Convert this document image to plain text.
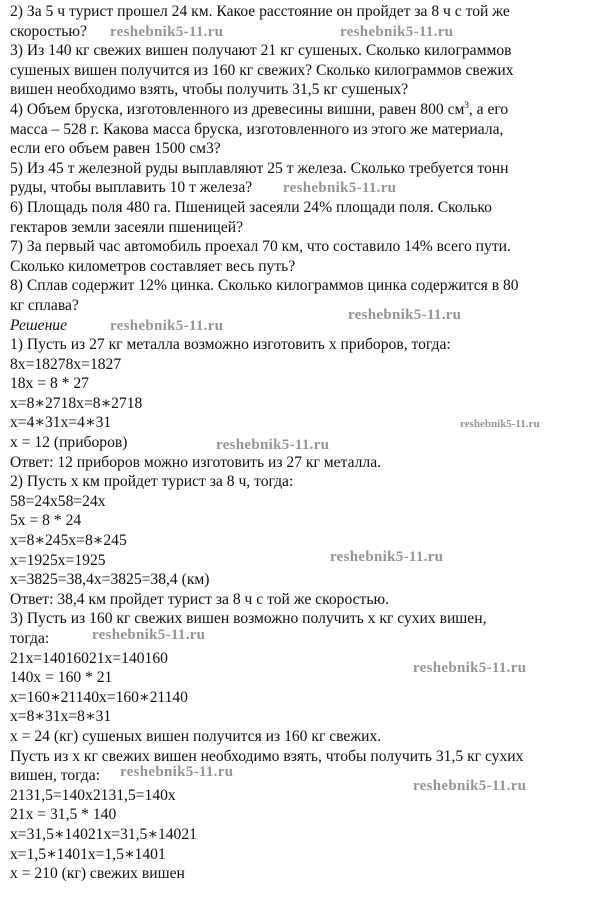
2) За 5 ч турист прошел 24 км. Какое расстояние он пройдет за 8 ч с той же
скоростью?
3) Из 140 кг свежих вишен получают 21 кг сушеных. Сколько килограммов
сушеных вишен получится из 160 кг свежих? Сколько килограммов свежих
вишен необходимо взять, чтобы получить 31,5 кг сушеных?
4) Объем бруска, изготовленного из древесины вишни, равен 800 $см^3$, а его
масса – 528 г. Какова масса бруска, изготовленного из этого же материала,
если его объем равен 1500 см3?
5) Из 45 т железной руды выплавляют 25 т железа. Сколько требуется тонн
руды, чтобы выплавить 10 т железа?
6) Площадь поля 480 га. Пшеницей засеяли 24% площади поля. Сколько
гектаров земли засеяли пшеницей?
7) За первый час автомобиль проехал 70 км, что составило 14% всего пути.
Сколько километров составляет весь путь?
8) Сплав содержит 12% цинка. Сколько килограммов цинка содержится в 80
кг сплава?
Решение
1) Пусть из 27 кг металла возможно изготовить х приборов, тогда:
8x=18278x=1827
18x = 8 * 27
x=8∗2718x=8∗2718
x=4∗31x=4∗31
x = 12 (приборов)
Ответ: 12 приборов можно изготовить из 27 кг металла.
2) Пусть х км пройдет турист за 8 ч, тогда:
58=24x58=24x
5x = 8 * 24
x=8∗245x=8∗245
x=1925x=1925
x=3825=38,4x=3825=38,4 (км)
Ответ: 38,4 км пройдет турист за 8 ч с той же скоростью.
3) Пусть из 160 кг свежих вишен возможно получить х кг сухих вишен,
тогда:
21x=14016021x=140160
140x = 160 * 21
x=160∗21140x=160∗21140
x=8∗31x=8∗31
x = 24 (кг) сушеных вишен получится из 160 кг свежих.
Пусть из х кг свежих вишен необходимо взять, чтобы получить 31,5 кг сухих
вишен, тогда:
2131,5=140x2131,5=140x
21x = 31,5 * 140
x=31,5∗14021x=31,5∗14021
x=1,5∗1401x=1,5∗1401
x = 210 (кг) свежих вишен
reshebnik5-11.ru	reshebnik5-11.ru
reshebnik5-11.ru
reshebnik5-11.ru
reshebnik5-11.ru
reshebnik5-11.ru
reshebnik5-11.ru
reshebnik5-11.ru
reshebnik5-11.ru
reshebnik5-11.ru
reshebnik5-11.ru
reshebnik5-11.ru
